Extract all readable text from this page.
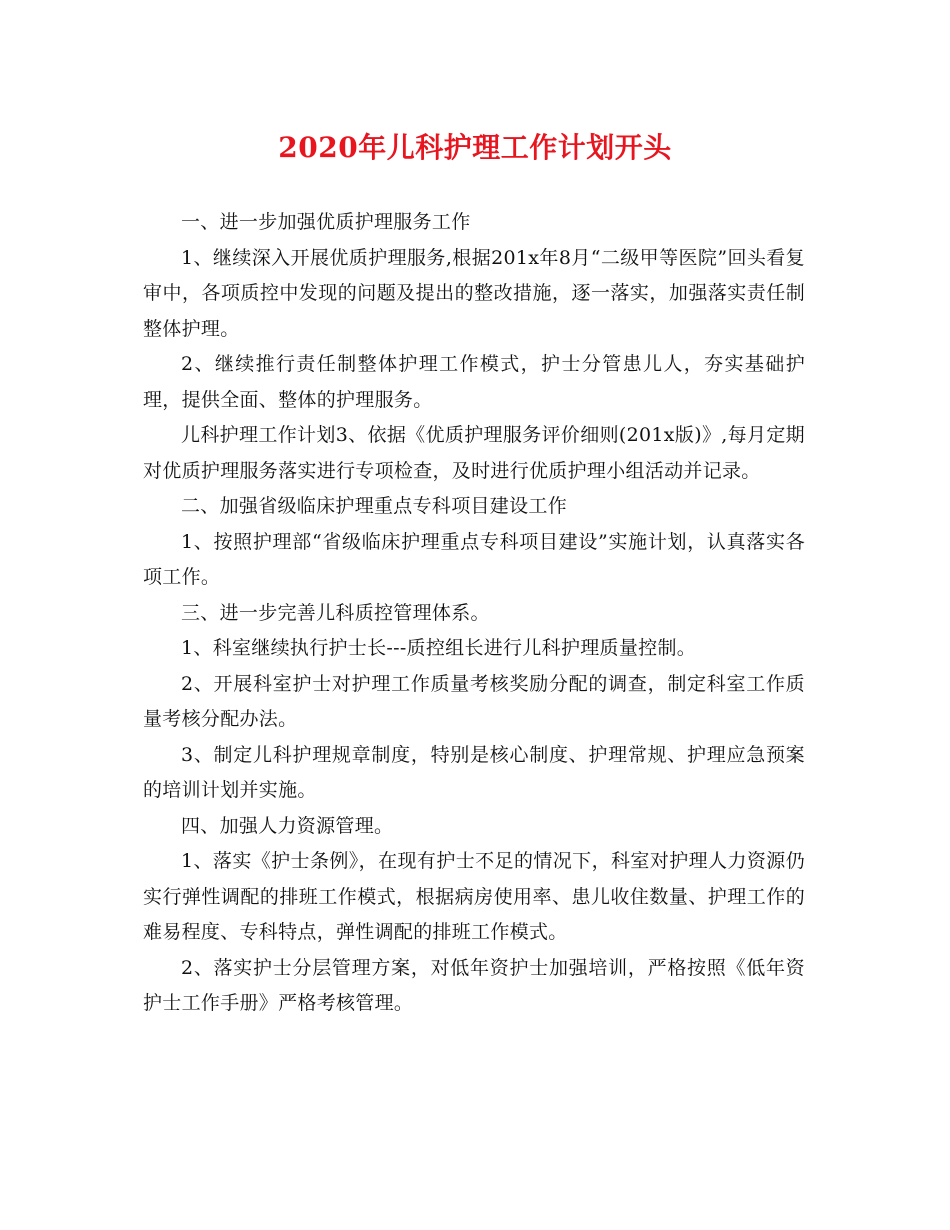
2020年儿科护理工作计划开头

一、进一步加强优质护理服务工作

1、继续深入开展优质护理服务,根据201x年8月“二级甲等医院”回头看复审中，各项质控中发现的问题及提出的整改措施，逐一落实，加强落实责任制整体护理。

2、继续推行责任制整体护理工作模式，护士分管患儿人，夯实基础护理，提供全面、整体的护理服务。

儿科护理工作计划3、依据《优质护理服务评价细则(201x版)》,每月定期对优质护理服务落实进行专项检查，及时进行优质护理小组活动并记录。

二、加强省级临床护理重点专科项目建设工作

1、按照护理部“省级临床护理重点专科项目建设”实施计划，认真落实各项工作。

三、进一步完善儿科质控管理体系。

1、科室继续执行护士长---质控组长进行儿科护理质量控制。

2、开展科室护士对护理工作质量考核奖励分配的调查，制定科室工作质量考核分配办法。

3、制定儿科护理规章制度，特别是核心制度、护理常规、护理应急预案的培训计划并实施。

四、加强人力资源管理。

1、落实《护士条例》，在现有护士不足的情况下，科室对护理人力资源仍实行弹性调配的排班工作模式，根据病房使用率、患儿收住数量、护理工作的难易程度、专科特点，弹性调配的排班工作模式。

2、落实护士分层管理方案，对低年资护士加强培训，严格按照《低年资护士工作手册》严格考核管理。
